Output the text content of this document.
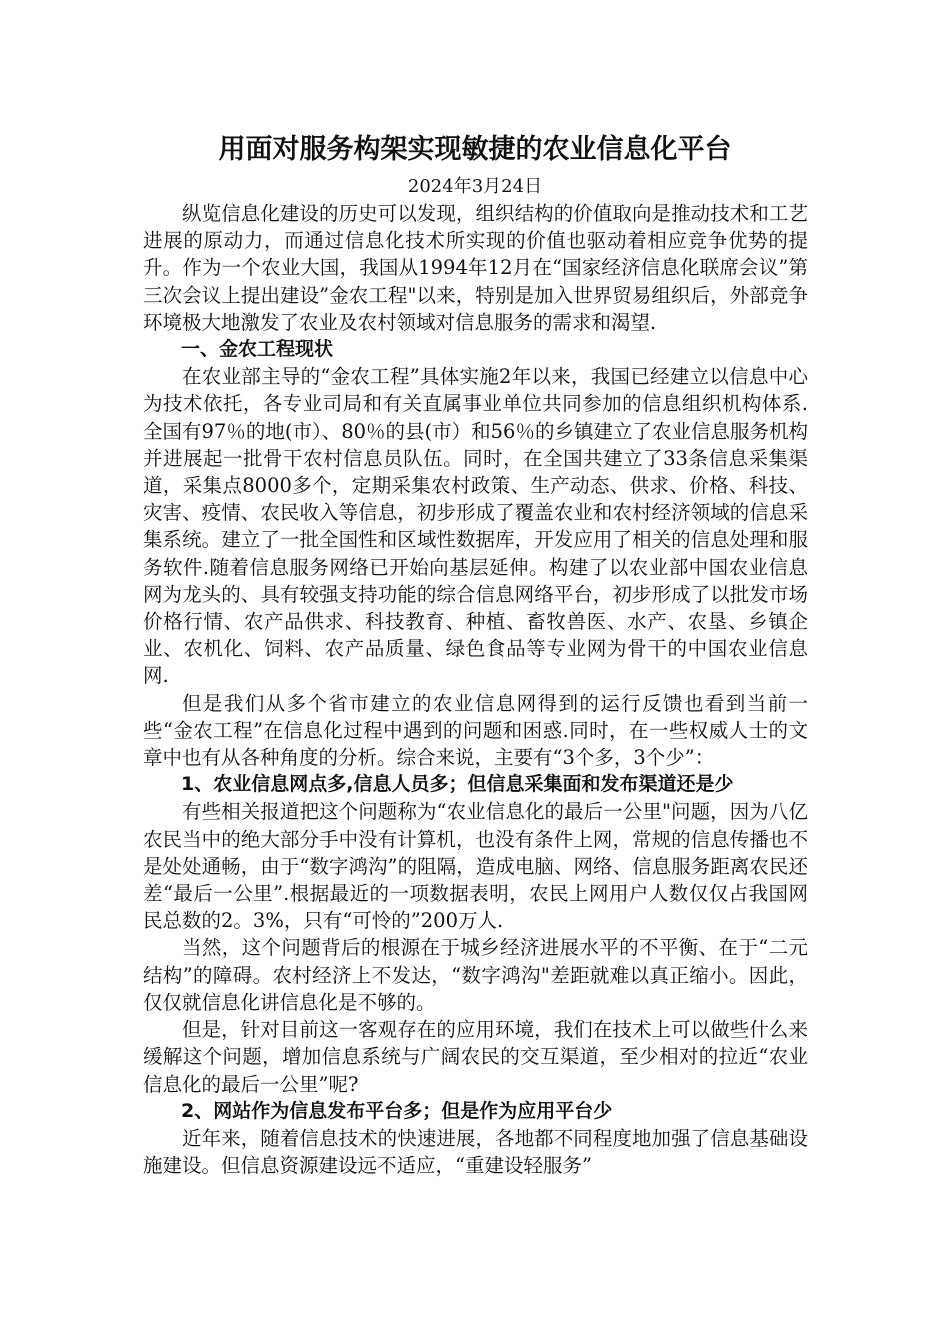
用面对服务构架实现敏捷的农业信息化平台
2024年3月24日

纵览信息化建设的历史可以发现，组织结构的价值取向是推动技术和工艺进展的原动力，而通过信息化技术所实现的价值也驱动着相应竞争优势的提升。作为一个农业大国，我国从1994年12月在“国家经济信息化联席会议”第三次会议上提出建设”金农工程"以来，特别是加入世界贸易组织后，外部竞争环境极大地激发了农业及农村领域对信息服务的需求和渴望.

一、金农工程现状

在农业部主导的“金农工程”具体实施2年以来，我国已经建立以信息中心为技术依托，各专业司局和有关直属事业单位共同参加的信息组织机构体系.全国有97％的地(市）、80％的县(市）和56％的乡镇建立了农业信息服务机构并进展起一批骨干农村信息员队伍。同时，在全国共建立了33条信息采集渠道，采集点8000多个，定期采集农村政策、生产动态、供求、价格、科技、灾害、疫情、农民收入等信息，初步形成了覆盖农业和农村经济领域的信息采集系统。建立了一批全国性和区域性数据库，开发应用了相关的信息处理和服务软件.随着信息服务网络已开始向基层延伸。构建了以农业部中国农业信息网为龙头的、具有较强支持功能的综合信息网络平台，初步形成了以批发市场价格行情、农产品供求、科技教育、种植、畜牧兽医、水产、农垦、乡镇企业、农机化、饲料、农产品质量、绿色食品等专业网为骨干的中国农业信息网.

但是我们从多个省市建立的农业信息网得到的运行反馈也看到当前一些“金农工程”在信息化过程中遇到的问题和困惑.同时，在一些权威人士的文章中也有从各种角度的分析。综合来说，主要有“3个多，3个少”：

1、农业信息网点多,信息人员多；但信息采集面和发布渠道还是少

有些相关报道把这个问题称为“农业信息化的最后一公里"问题，因为八亿农民当中的绝大部分手中没有计算机，也没有条件上网，常规的信息传播也不是处处通畅，由于“数字鸿沟”的阻隔，造成电脑、网络、信息服务距离农民还差“最后一公里”.根据最近的一项数据表明，农民上网用户人数仅仅占我国网民总数的2。3%，只有“可怜的”200万人.

当然，这个问题背后的根源在于城乡经济进展水平的不平衡、在于“二元结构”的障碍。农村经济上不发达，“数字鸿沟"差距就难以真正缩小。因此，仅仅就信息化讲信息化是不够的。

但是，针对目前这一客观存在的应用环境，我们在技术上可以做些什么来缓解这个问题，增加信息系统与广阔农民的交互渠道，至少相对的拉近“农业信息化的最后一公里”呢?

2、网站作为信息发布平台多；但是作为应用平台少

近年来，随着信息技术的快速进展，各地都不同程度地加强了信息基础设施建设。但信息资源建设远不适应，“重建设轻服务”
